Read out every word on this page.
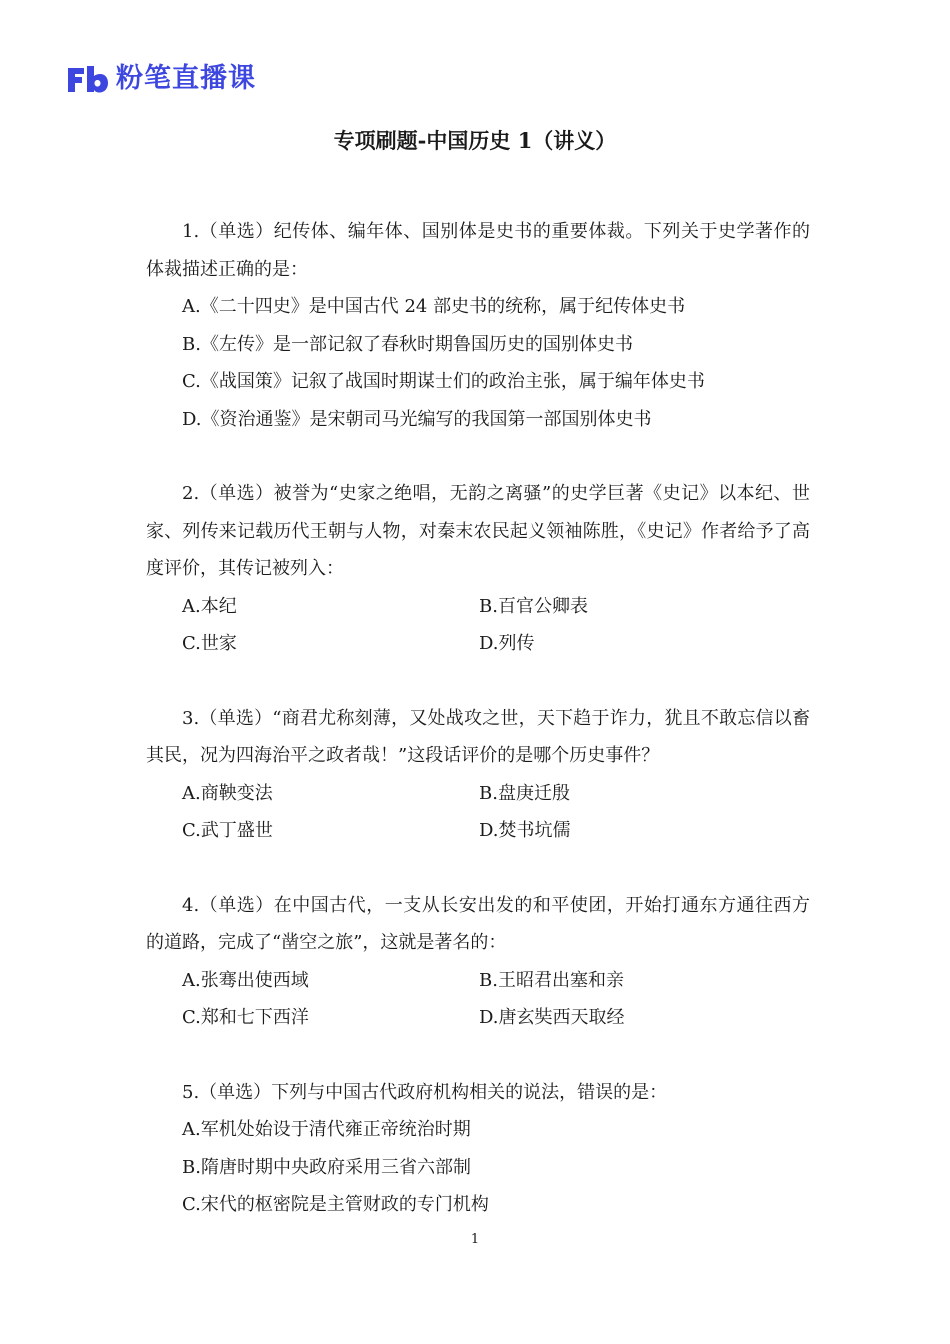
粉笔直播课
专项刷题-中国历史 1（讲义）

1.（单选）纪传体、编年体、国别体是史书的重要体裁。下列关于史学著作的体裁描述正确的是：

A.《二十四史》是中国古代 24 部史书的统称，属于纪传体史书
B.《左传》是一部记叙了春秋时期鲁国历史的国别体史书
C.《战国策》记叙了战国时期谋士们的政治主张，属于编年体史书
D.《资治通鉴》是宋朝司马光编写的我国第一部国别体史书

2.（单选）被誉为“史家之绝唱，无韵之离骚”的史学巨著《史记》以本纪、世家、列传来记载历代王朝与人物，对秦末农民起义领袖陈胜，《史记》作者给予了高度评价，其传记被列入：

A.本纪	B.百官公卿表
C.世家	D.列传

3.（单选）“商君尤称刻薄，又处战攻之世，天下趋于诈力，犹且不敢忘信以畜其民，况为四海治平之政者哉！”这段话评价的是哪个历史事件？

A.商鞅变法	B.盘庚迁殷
C.武丁盛世	D.焚书坑儒

4.（单选）在中国古代，一支从长安出发的和平使团，开始打通东方通往西方的道路，完成了“凿空之旅”，这就是著名的：

A.张骞出使西域	B.王昭君出塞和亲
C.郑和七下西洋	D.唐玄奘西天取经

5.（单选）下列与中国古代政府机构相关的说法，错误的是：

A.军机处始设于清代雍正帝统治时期
B.隋唐时期中央政府采用三省六部制
C.宋代的枢密院是主管财政的专门机构
1
